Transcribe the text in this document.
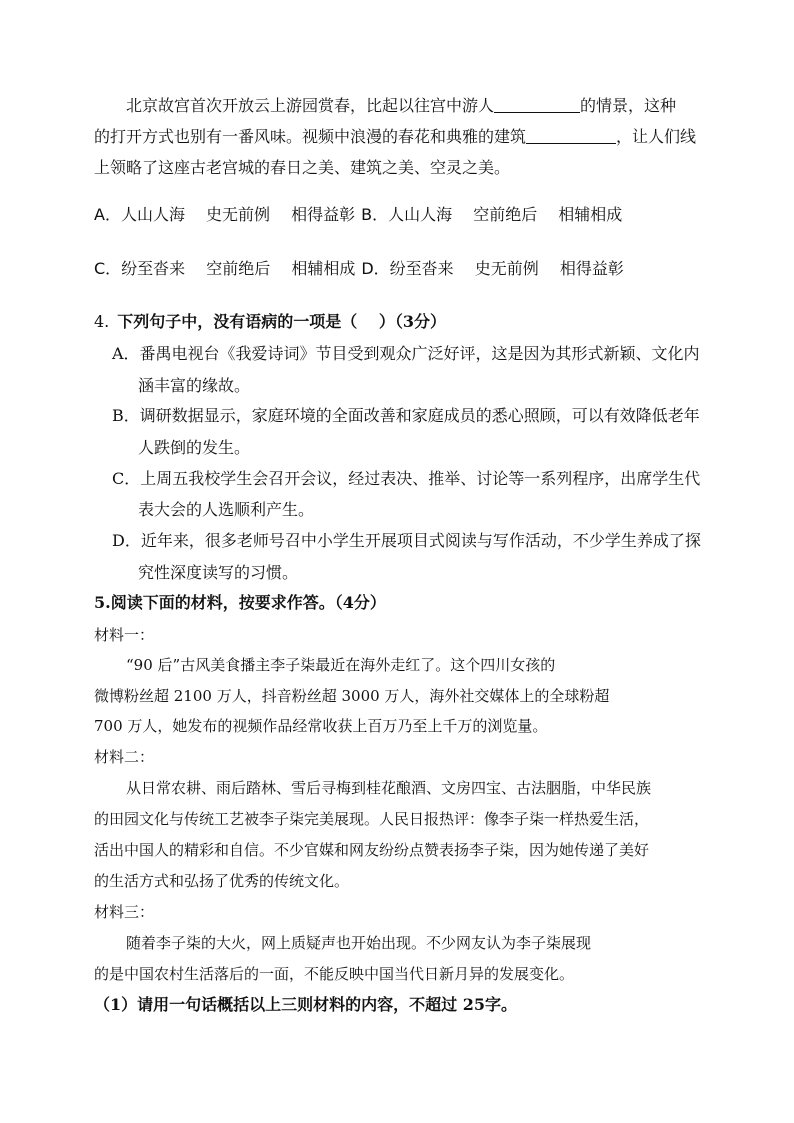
北京故宫首次开放云上游园赏春，比起以往宫中游人	的情景，这种
的打开方式也别有一番风味。视频中浪漫的春花和典雅的建筑	，让人们线
上领略了这座古老宫城的春日之美、建筑之美、空灵之美。
A．人山人海　 史无前例　 相得益彰 B．人山人海　 空前绝后　 相辅相成
C．纷至沓来　 空前绝后　 相辅相成 D．纷至沓来　 史无前例　 相得益彰
4. 下列句子中，没有语病的一项是（　 ）（3分）
A．番禺电视台《我爱诗词》节目受到观众广泛好评，这是因为其形式新颖、文化内
涵丰富的缘故。
B．调研数据显示，家庭环境的全面改善和家庭成员的悉心照顾，可以有效降低老年
人跌倒的发生。
C．上周五我校学生会召开会议，经过表决、推举、讨论等一系列程序，出席学生代
表大会的人选顺利产生。
D．近年来，很多老师号召中小学生开展项目式阅读与写作活动，不少学生养成了探
究性深度读写的习惯。
5.阅读下面的材料，按要求作答。（4分）
材料一：
“90 后”古风美食播主李子柒最近在海外走红了。这个四川女孩的
微博粉丝超 2100 万人，抖音粉丝超 3000 万人，海外社交媒体上的全球粉超
700 万人，她发布的视频作品经常收获上百万乃至上千万的浏览量。
材料二：
从日常农耕、雨后踏林、雪后寻梅到桂花酿酒、文房四宝、古法胭脂，中华民族
的田园文化与传统工艺被李子柒完美展现。人民日报热评：像李子柒一样热爱生活，
活出中国人的精彩和自信。不少官媒和网友纷纷点赞表扬李子柒，因为她传递了美好
的生活方式和弘扬了优秀的传统文化。
材料三：
随着李子柒的大火，网上质疑声也开始出现。不少网友认为李子柒展现
的是中国农村生活落后的一面，不能反映中国当代日新月异的发展变化。
（1）请用一句话概括以上三则材料的内容，不超过 25字。
